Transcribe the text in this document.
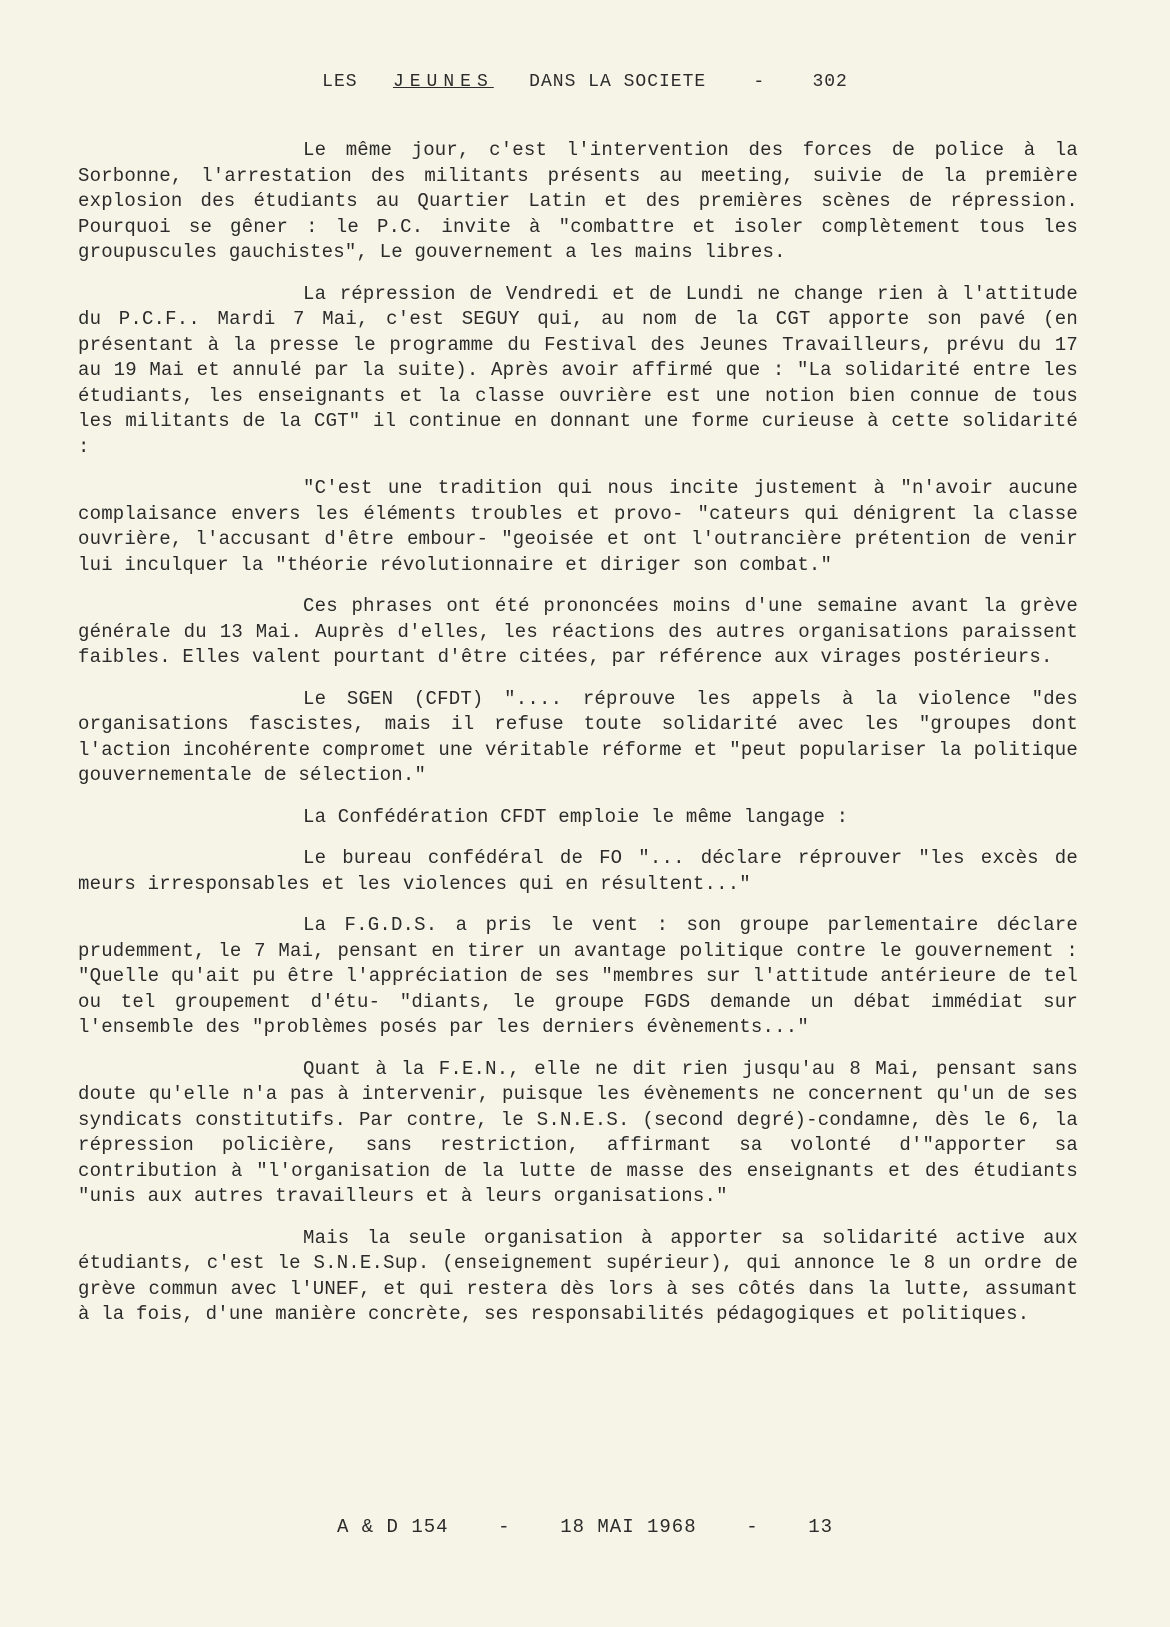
LES JEUNES DANS LA SOCIETE	-	302

Le même jour, c'est l'intervention des forces de police à la Sorbonne, l'arrestation des militants présents au meeting, suivie de la première explosion des étudiants au Quartier Latin et des premières scènes de répression. Pourquoi se gêner : le P.C. invite à "combattre et isoler complètement tous les groupuscules gauchistes", Le gouvernement a les mains libres.

La répression de Vendredi et de Lundi ne change rien à l'attitude du P.C.F.. Mardi 7 Mai, c'est SEGUY qui, au nom de la CGT apporte son pavé (en présentant à la presse le programme du Festival des Jeunes Travailleurs, prévu du 17 au 19 Mai et annulé par la suite). Après avoir affirmé que : "La solidarité entre les étudiants, les enseignants et la classe ouvrière est une notion bien connue de tous les militants de la CGT" il continue en donnant une forme curieuse à cette solidarité :

"C'est une tradition qui nous incite justement à "n'avoir aucune complaisance envers les éléments troubles et provo- "cateurs qui dénigrent la classe ouvrière, l'accusant d'être embour- "geoisée et ont l'outrancière prétention de venir lui inculquer la "théorie révolutionnaire et diriger son combat."

Ces phrases ont été prononcées moins d'une semaine avant la grève générale du 13 Mai. Auprès d'elles, les réactions des autres organisations paraissent faibles. Elles valent pourtant d'être citées, par référence aux virages postérieurs.

Le SGEN (CFDT) ".... réprouve les appels à la violence "des organisations fascistes, mais il refuse toute solidarité avec les "groupes dont l'action incohérente compromet une véritable réforme et "peut populariser la politique gouvernementale de sélection."

La Confédération CFDT emploie le même langage :

Le bureau confédéral de FO "... déclare réprouver "les excès de meurs irresponsables et les violences qui en résultent..."

La F.G.D.S. a pris le vent : son groupe parlementaire déclare prudemment, le 7 Mai, pensant en tirer un avantage politique contre le gouvernement : "Quelle qu'ait pu être l'appréciation de ses "membres sur l'attitude antérieure de tel ou tel groupement d'étu- "diants, le groupe FGDS demande un débat immédiat sur l'ensemble des "problèmes posés par les derniers évènements..."

Quant à la F.E.N., elle ne dit rien jusqu'au 8 Mai, pensant sans doute qu'elle n'a pas à intervenir, puisque les évènements ne concernent qu'un de ses syndicats constitutifs. Par contre, le S.N.E.S. (second degré)-condamne, dès le 6, la répression policière, sans restriction, affirmant sa volonté d'"apporter sa contribution à "l'organisation de la lutte de masse des enseignants et des étudiants "unis aux autres travailleurs et à leurs organisations."

Mais la seule organisation à apporter sa solidarité active aux étudiants, c'est le S.N.E.Sup. (enseignement supérieur), qui annonce le 8 un ordre de grève commun avec l'UNEF, et qui restera dès lors à ses côtés dans la lutte, assumant à la fois, d'une manière concrète, ses responsabilités pédagogiques et politiques.

A & D 154	-	18 MAI 1968	-	13
